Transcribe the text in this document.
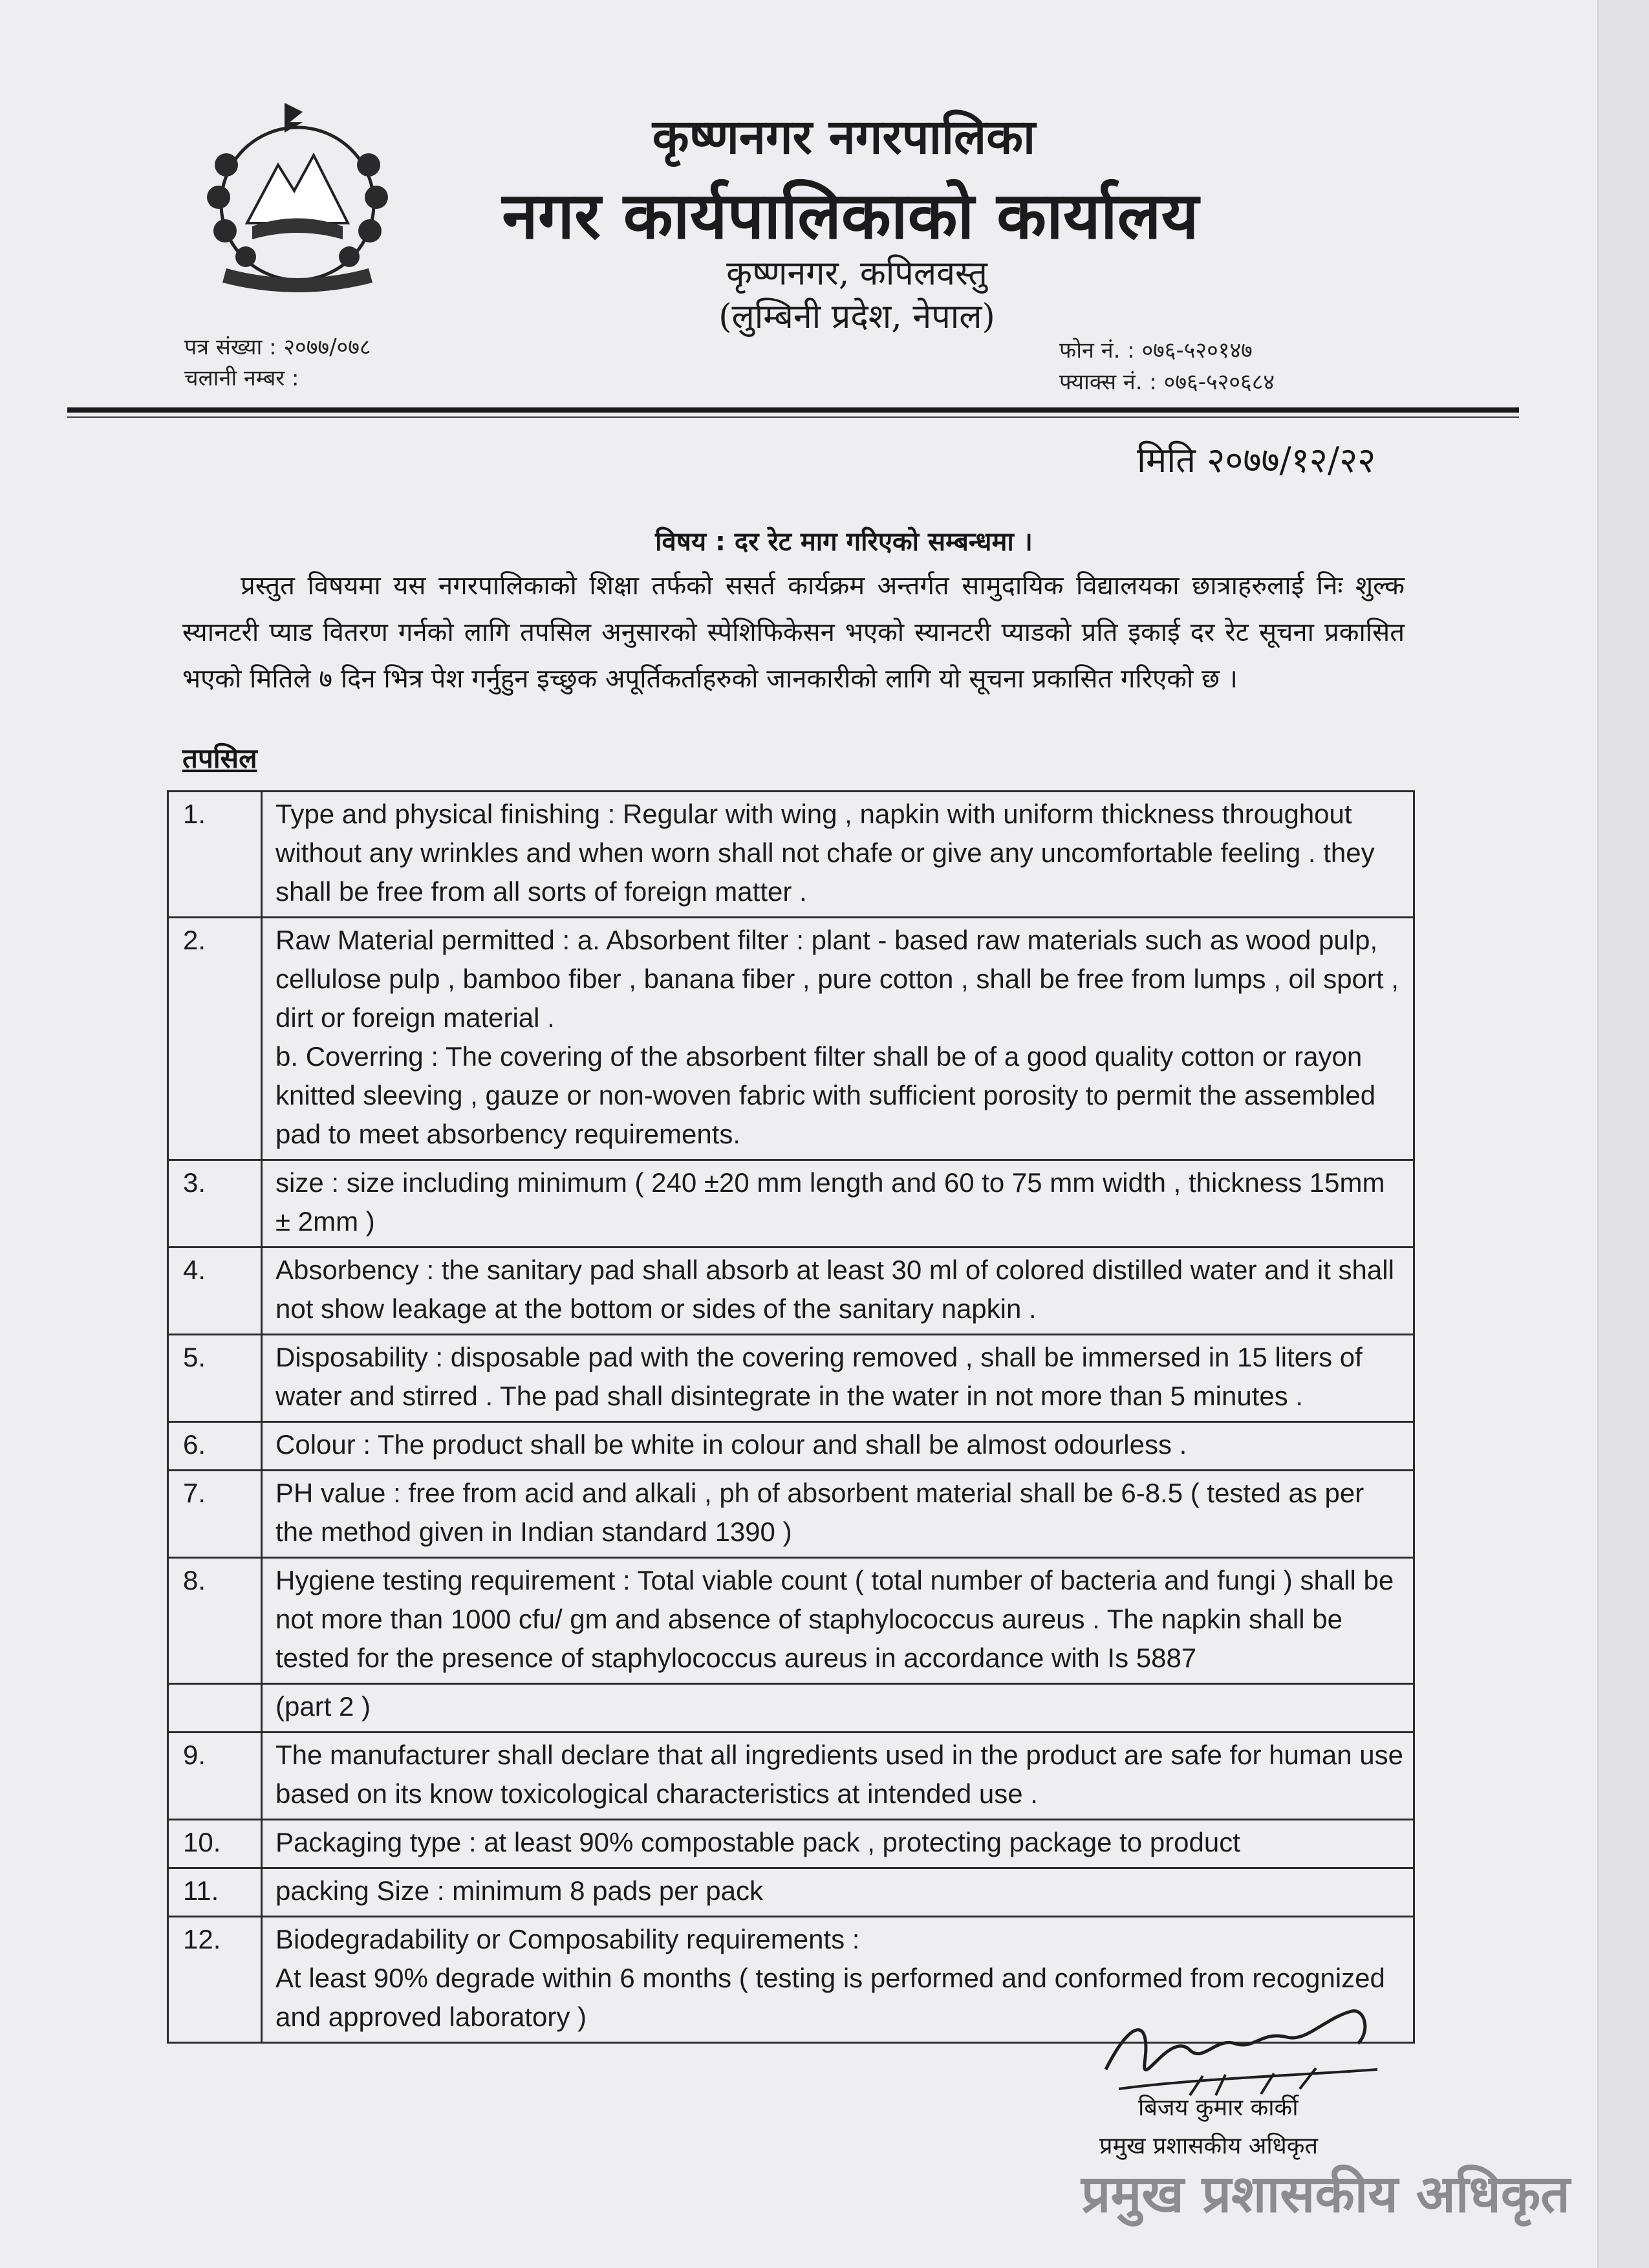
कृष्णनगर नगरपालिका
नगर कार्यपालिकाको कार्यालय
कृष्णनगर, कपिलवस्तु
(लुम्बिनी प्रदेश, नेपाल)
पत्र संख्या : २०७७/०७८
चलानी नम्बर :
फोन नं. : ०७६-५२०१४७
फ्याक्स नं. : ०७६-५२०६८४
मिति २०७७/१२/२२
विषय : दर रेट माग गरिएको सम्बन्धमा ।
प्रस्तुत विषयमा यस नगरपालिकाको शिक्षा तर्फको ससर्त कार्यक्रम अन्तर्गत सामुदायिक विद्यालयका छात्राहरुलाई निः शुल्क स्यानटरी प्याड वितरण गर्नको लागि तपसिल अनुसारको स्पेशिफिकेसन भएको स्यानटरी प्याडको प्रति इकाई दर रेट सूचना प्रकासित भएको मितिले ७ दिन भित्र पेश गर्नुहुन इच्छुक अपूर्तिकर्ताहरुको जानकारीको लागि यो सूचना प्रकासित गरिएको छ ।
तपसिल
1.	Type and physical finishing : Regular with wing , napkin with uniform thickness throughout without any wrinkles and when worn shall not chafe or give any uncomfortable feeling . they shall be free from all sorts of foreign matter .
2.	Raw Material permitted : a. Absorbent filter : plant - based raw materials such as wood pulp, cellulose pulp , bamboo fiber , banana fiber , pure cotton , shall be free from lumps , oil sport , dirt or foreign material .
b. Coverring : The covering of the absorbent filter shall be of a good quality cotton or rayon knitted sleeving , gauze or non-woven fabric with sufficient porosity to permit the assembled pad to meet absorbency requirements.

3.	size : size including minimum ( 240 ±20 mm length and 60 to 75 mm width , thickness 15mm ± 2mm )
4.	Absorbency : the sanitary pad shall absorb at least 30 ml of colored distilled water and it shall not show leakage at the bottom or sides of the sanitary napkin .
5.	Disposability : disposable pad with the covering removed , shall be immersed in 15 liters of water and stirred . The pad shall disintegrate in the water in not more than 5 minutes .
6.	Colour : The product shall be white in colour and shall be almost odourless .
7.	PH value : free from acid and alkali , ph of absorbent material shall be 6-8.5 ( tested as per the method given in Indian standard 1390 )
8.	Hygiene testing requirement : Total viable count ( total number of bacteria and fungi ) shall be not more than 1000 cfu/ gm and absence of staphylococcus aureus . The napkin shall be tested for the presence of staphylococcus aureus in accordance with Is 5887
	(part 2 )
9.	The manufacturer shall declare that all ingredients used in the product are safe for human use based on its know toxicological characteristics at intended use .
10.	Packaging type : at least 90% compostable pack , protecting package to product
11.	packing Size : minimum 8 pads per pack
12.	Biodegradability or Composability requirements :
At least 90% degrade within 6 months ( testing is performed and conformed from recognized and approved laboratory )
बिजय कुमार कार्की
प्रमुख प्रशासकीय अधिकृत
प्रमुख प्रशासकीय अधिकृत
